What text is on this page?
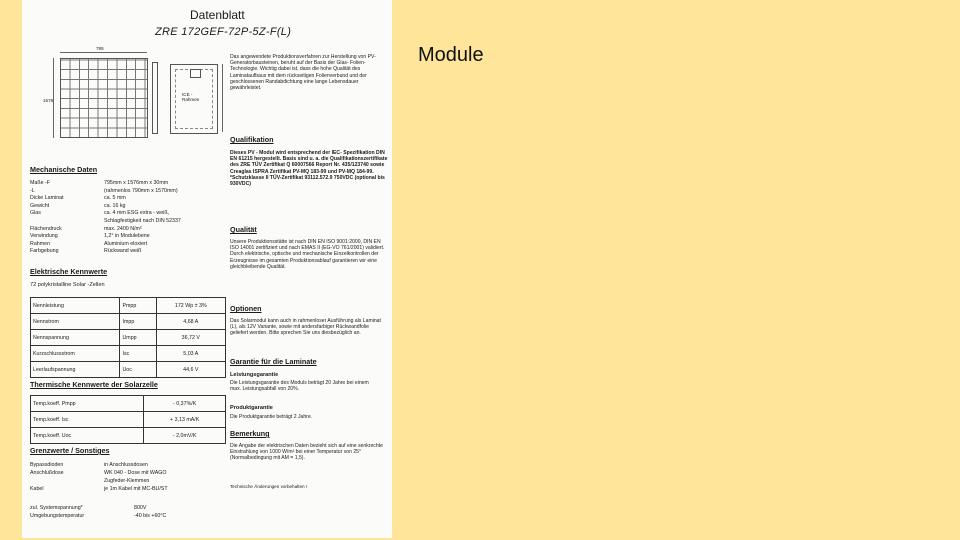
Module
Datenblatt
ZRE 172GEF-72P-5Z-F(L)
795
1576
ICE -
Rahmen
Mechanische Daten
Maße -F	795mm x 1576mm x 30mm
-L	(rahmenlos 790mm x 1570mm)
Dicke Laminat	ca. 5 mm
Gewicht	ca. 16 kg
Glas	ca. 4 mm ESG extra - weiß,
Schlagfestigkeit nach DIN 52337
Flächendruck	max. 2400 N/m²
Verwindung	1,2° in Modulebene
Rahmen	Aluminium eloxiert
Farbgebung	Rückwand weiß
Elektrische Kennwerte
72 polykristalline Solar -Zellen
Nennleistung	Pmpp	172 Wp ± 3%
Nennstrom	Impp	4,68 A
Nennspannung	Umpp	36,72 V
Kurzschlussstrom	Isc	5,03 A
Leerlaufspannung	Uoc	44,6 V
Thermische Kennwerte der Solarzelle
Temp.koeff. Pmpp	- 0,37%/K
Temp.koeff. Isc	+ 3,13 mA/K
Temp.koeff. Uoc	- 2,0mV/K
Grenzwerte / Sonstiges
Bypassdioden	in Anschlussdosen
Anschlußdose	WK 040 - Dose mit WAGO
Zugfeder-Klemmen
Kabel	je 1m Kabel mit MC-BU/ST
zul. Systemspannung*	800V
Umgebungstemperatur	-40 bis +60°C
Das angewendete Produktionsverfahren zur Herstellung von PV- Generatorbausteinen, beruht auf der Basis der Glas- Folien- Technologie. Wichtig dabei ist, dass die hohe Qualität des Laminataufbaus mit dem rückseitigen Folienverbund und der geschlossenen Randabdichtung eine lange Lebensdauer gewährleistet.
Qualifikation
Dieses PV - Modul wird entsprechend der IEC- Spezifikation DIN EN 61215 hergestellt. Basis sind u. a. die Qualifikationszertifikate des ZRE TÜV Zertifikat Q 60007566 Report Nr. 435/123740 sowie Creaglas ISPRA Zertifikat PV-MQ 183-99 und PV-MQ 184-99. *Schutzklasse II TÜV-Zertifikat 93112.572.9 750VDC (optional bis 930VDC)
Qualität
Unsere Produktionsstätte ist nach DIN EN ISO 9001:2000, DIN EN ISO 14001 zertifiziert und nach EMAS II (EG-VO 761/2001) validiert. Durch elektrische, optische und mechanische Einzelkontrollen der Erzeugnisse im gesamten Produktionsablauf garantieren wir eine gleichbleibende Qualität.
Optionen
Das Solarmodul kann auch in rahmenloser Ausführung als Laminat (L), als 12V Variante, sowie mit andersfarbiger Rückwandfolie geliefert werden. Bitte sprechen Sie uns diesbezüglich an.
Garantie für die Laminate
Leistungsgarantie
Die Leistungsgarantie des Moduls beträgt 20 Jahre bei einem max. Leistungsabfall von 20%.
Produktgarantie
Die Produktgarantie beträgt 2 Jahre.
Bemerkung
Die Angabe der elektrischen Daten bezieht sich auf eine senkrechte Einstrahlung von 1000 W/m² bei einer Temperatur von 25° (Normalbedingung mit AM = 1,5).
Technische Änderungen vorbehalten !
